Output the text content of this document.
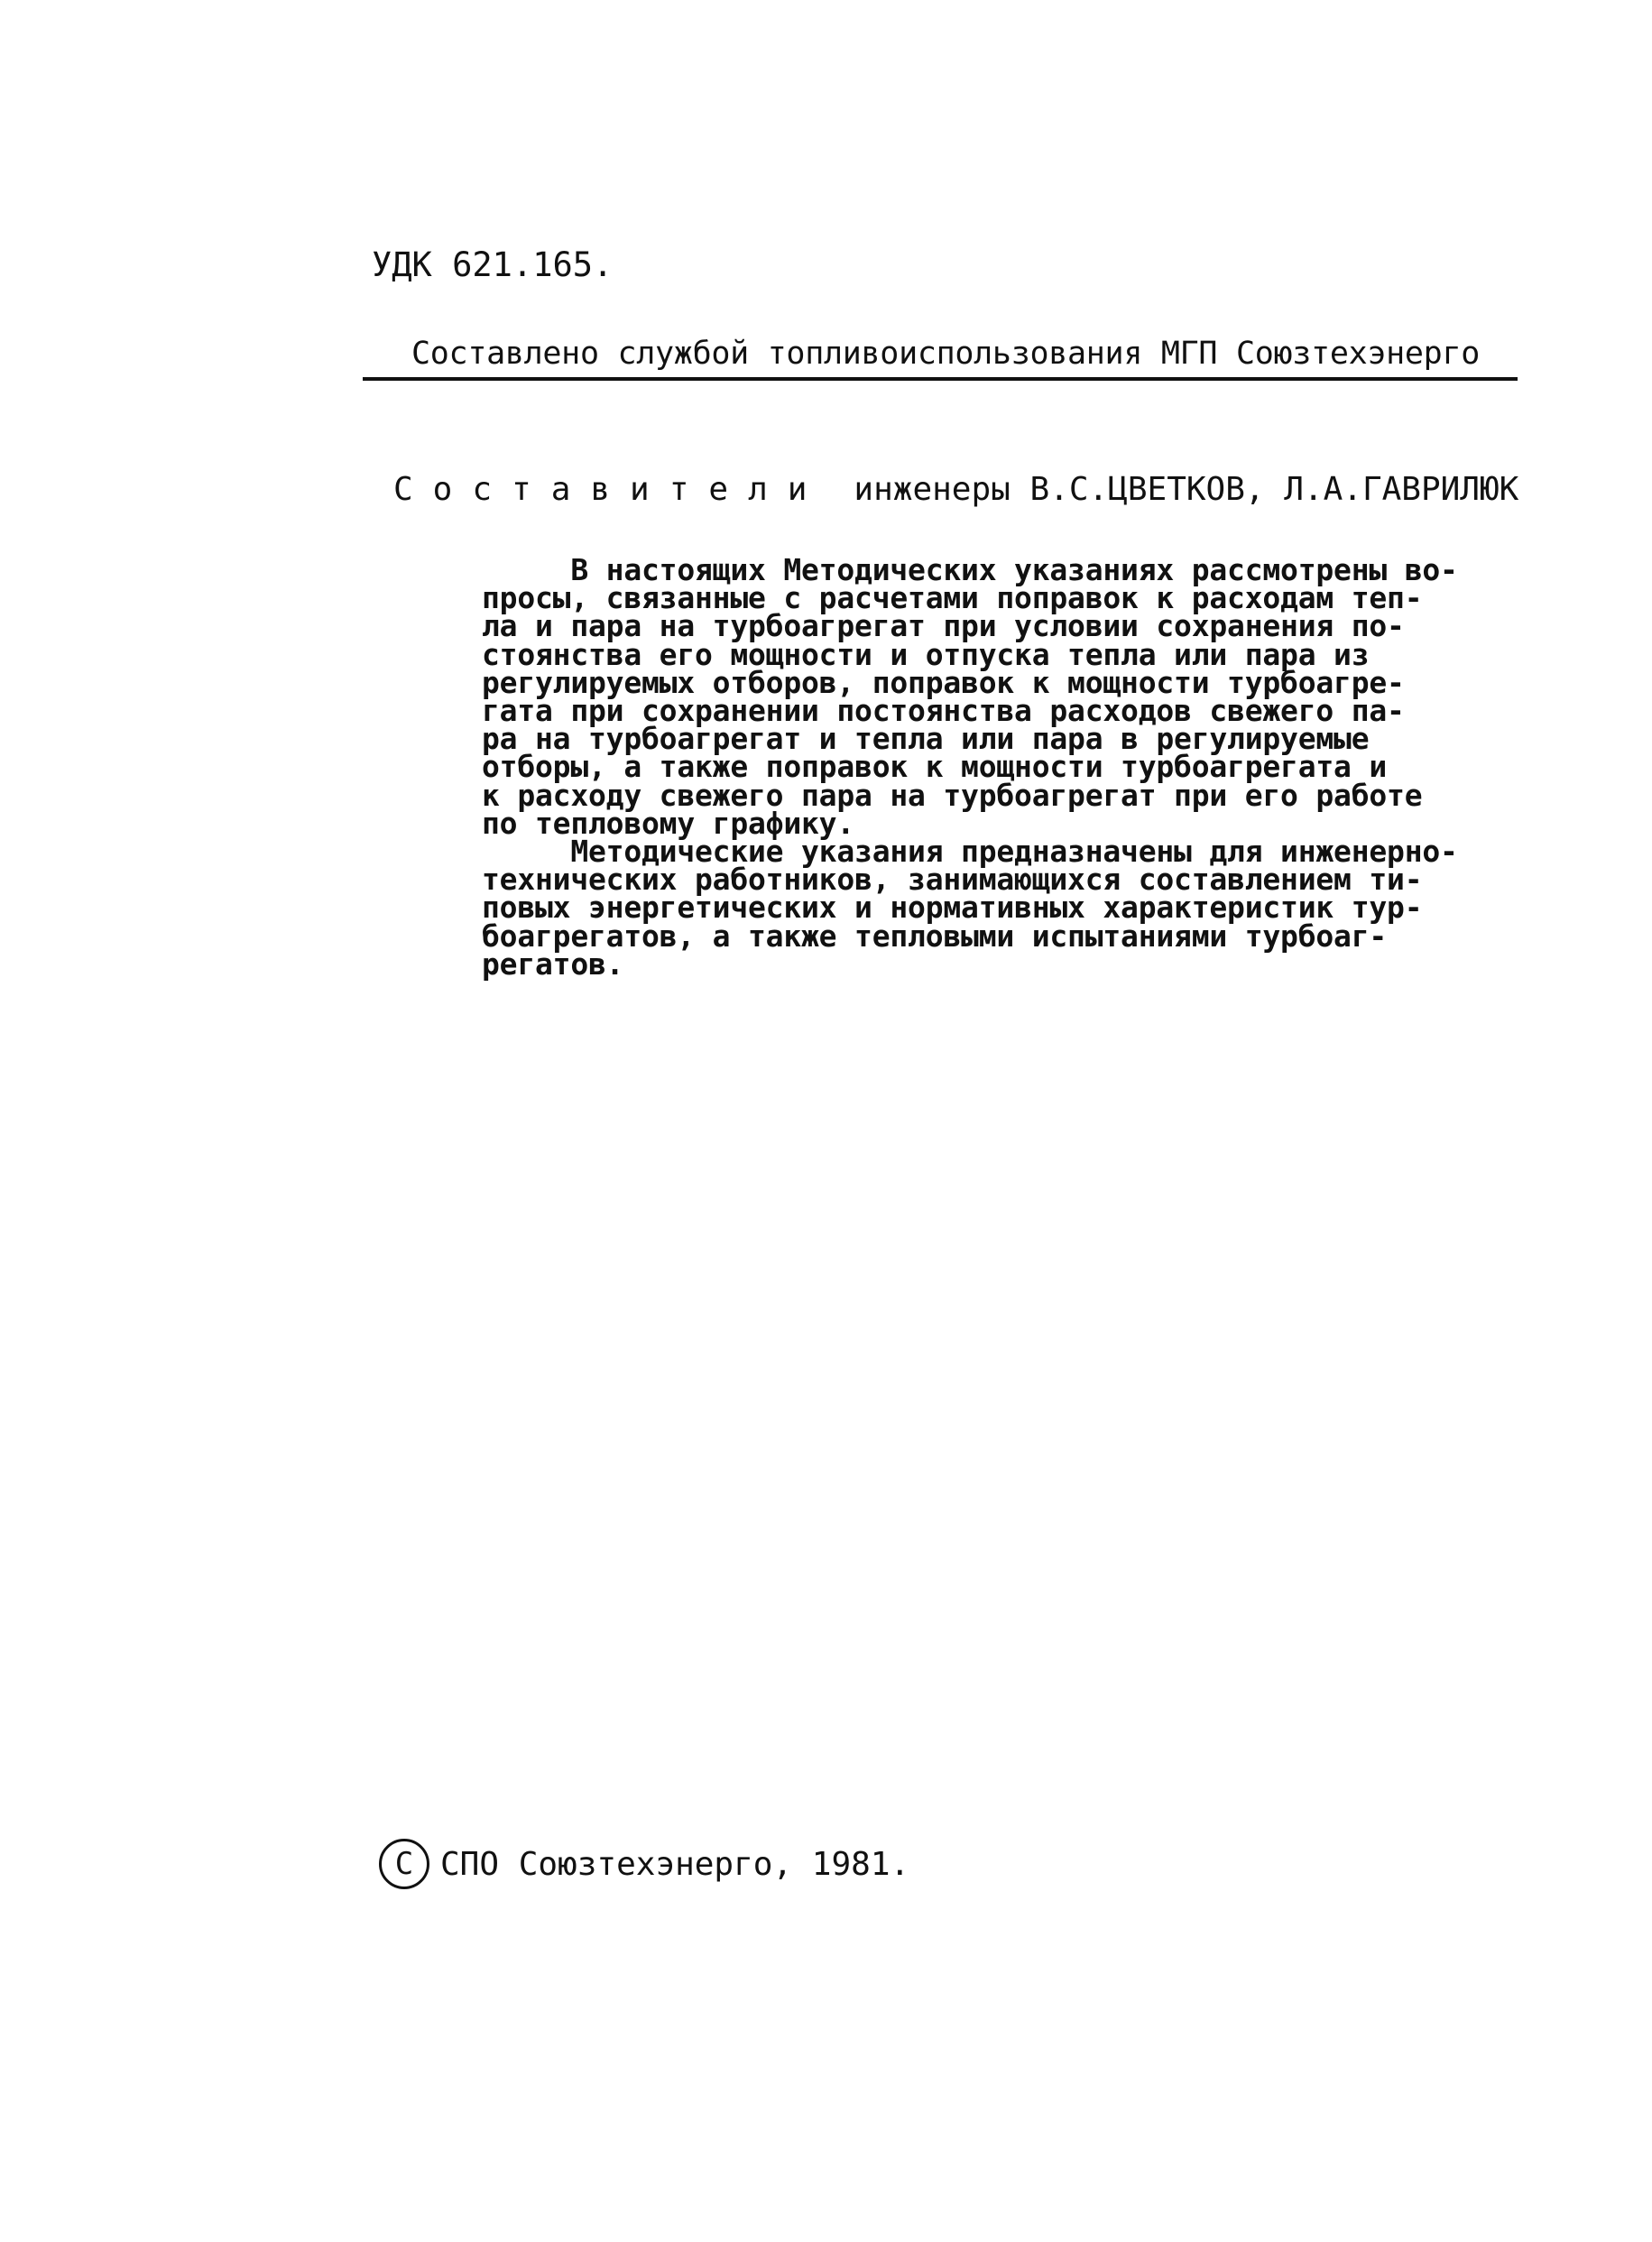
УДК 621.165.
Составлено службой топливоиспользования МГП Союзтехэнерго
Составители инженеры В.С.ЦВЕТКОВ, Л.А.ГАВРИЛЮК
В настоящих Методических указаниях рассмотрены во-
просы, связанные с расчетами поправок к расходам теп-
ла и пара на турбоагрегат при условии сохранения по-
стоянства его мощности и отпуска тепла или пара из
регулируемых отборов, поправок к мощности турбоагре-
гата при сохранении постоянства расходов свежего па-
ра на турбоагрегат и тепла или пара в регулируемые
отборы, а также поправок к мощности турбоагрегата и
к расходу свежего пара на турбоагрегат при его работе
по тепловому графику.
Методические указания предназначены для инженерно-
технических работников, занимающихся составлением ти-
повых энергетических и нормативных характеристик тур-
боагрегатов, а также тепловыми испытаниями турбоаг-
регатов.
С СПО Союзтехэнерго, 1981.
